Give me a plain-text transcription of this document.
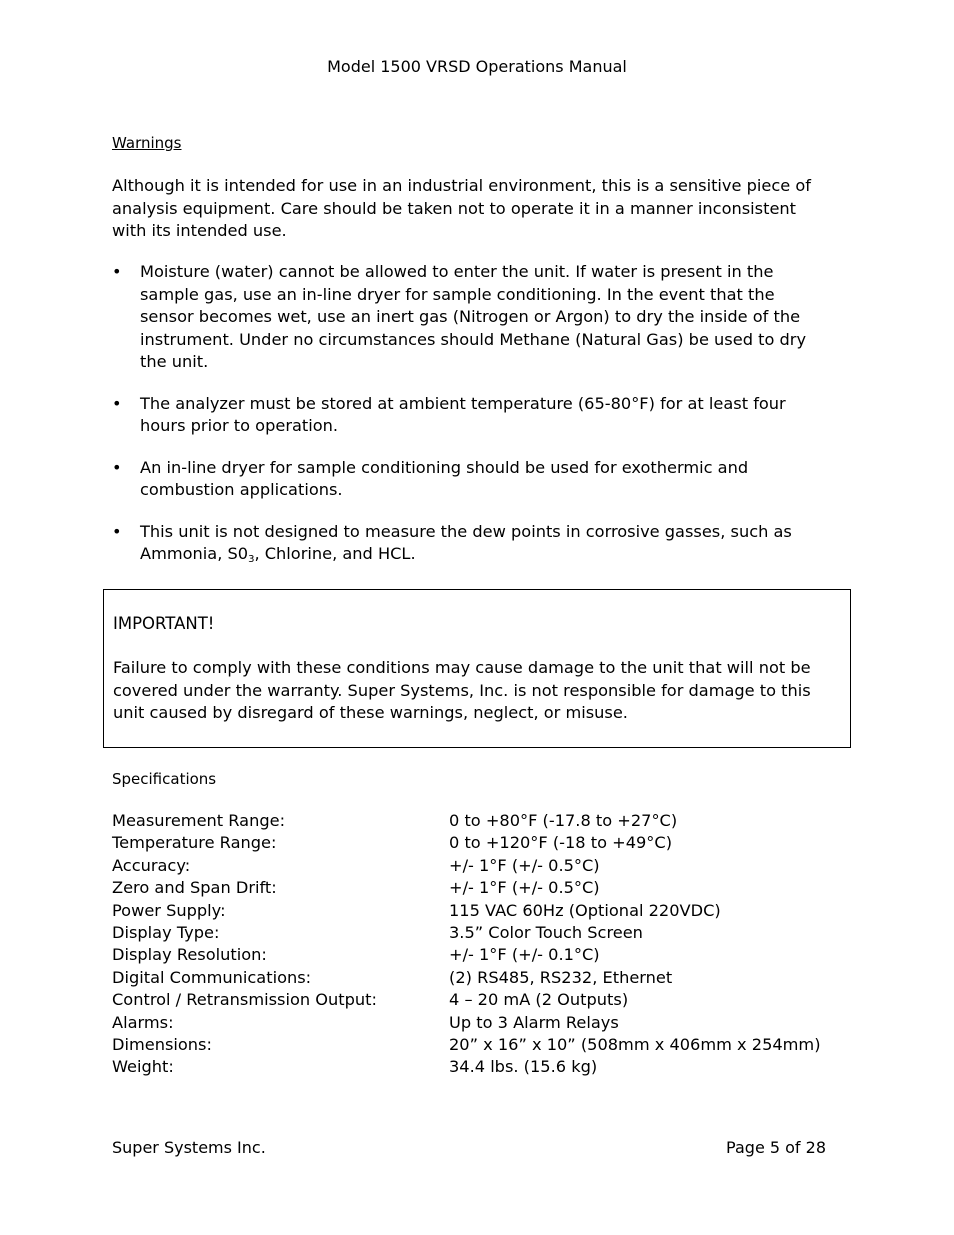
Model 1500 VRSD Operations Manual
Warnings
Although it is intended for use in an industrial environment, this is a sensitive piece of analysis equipment. Care should be taken not to operate it in a manner inconsistent with its intended use.
• Moisture (water) cannot be allowed to enter the unit. If water is present in the sample gas, use an in-line dryer for sample conditioning. In the event that the sensor becomes wet, use an inert gas (Nitrogen or Argon) to dry the inside of the instrument. Under no circumstances should Methane (Natural Gas) be used to dry the unit.
• The analyzer must be stored at ambient temperature (65-80°F) for at least four hours prior to operation.
• An in-line dryer for sample conditioning should be used for exothermic and combustion applications.
• This unit is not designed to measure the dew points in corrosive gasses, such as Ammonia, $S0_3$, Chlorine, and HCL.
IMPORTANT!
Failure to comply with these conditions may cause damage to the unit that will not be covered under the warranty. Super Systems, Inc. is not responsible for damage to this unit caused by disregard of these warnings, neglect, or misuse.
Specifications
Measurement Range:	0 to +80°F (-17.8 to +27°C)
Temperature Range:	0 to +120°F (-18 to +49°C)
Accuracy:	+/- 1°F (+/- 0.5°C)
Zero and Span Drift:	+/- 1°F (+/- 0.5°C)
Power Supply:	115 VAC 60Hz (Optional 220VDC)
Display Type:	3.5” Color Touch Screen
Display Resolution:	+/- 1°F (+/- 0.1°C)
Digital Communications:	(2) RS485, RS232, Ethernet
Control / Retransmission Output:	4 – 20 mA (2 Outputs)
Alarms:	Up to 3 Alarm Relays
Dimensions:	20” x 16” x 10” (508mm x 406mm x 254mm)
Weight:	34.4 lbs. (15.6 kg)
Super Systems Inc.	Page 5 of 28
